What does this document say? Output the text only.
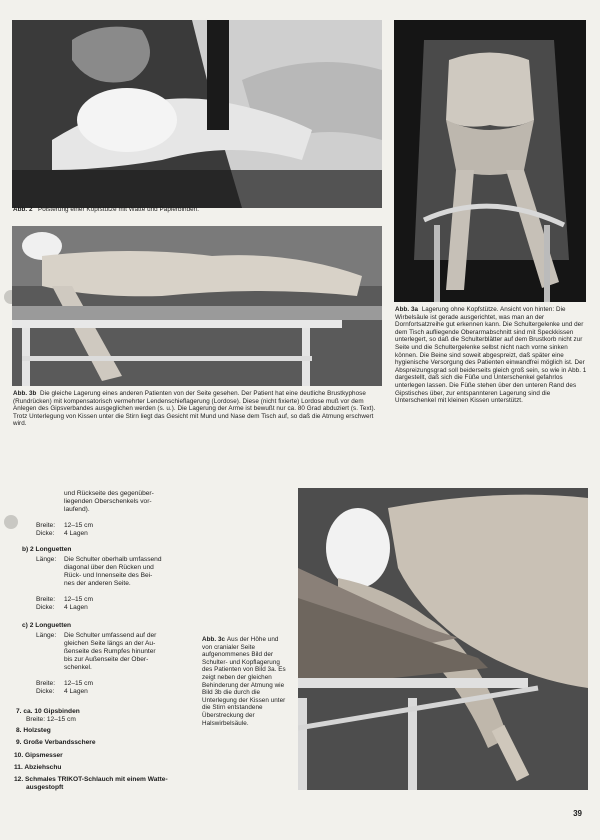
Abb. 2 Polsterung einer Kopfstütze mit Watte und Papierbinden.
Abb. 3b Die gleiche Lagerung eines anderen Patienten von der Seite gesehen. Der Patient hat eine deutliche Brustkyphose (Rundrücken) mit kompensatorisch vermehrter Lendenschieflagerung (Lordose). Diese (nicht fixierte) Lordose muß vor dem Anlegen des Gipsverbandes ausgeglichen werden (s. u.). Die Lagerung der Arme ist bewußt nur ca. 80 Grad abduziert (s. Text). Trotz Unterlegung von Kissen unter die Stirn liegt das Gesicht mit Mund und Nase dem Tisch auf, so daß die Atmung erschwert wird.
Abb. 3a Lagerung ohne Kopfstütze. Ansicht von hinten: Die Wirbelsäule ist gerade ausgerichtet, was man an der Dornfortsatzreihe gut erkennen kann. Die Schultergelenke und der dem Tisch aufliegende Oberarmabschnitt sind mit Speckkissen unterlegert, so daß die Schulterblätter auf dem Brustkorb nicht zur Seite und die Schultergelenke selbst nicht nach vorne sinken können. Die Beine sind soweit abgespreizt, daß später eine hygienische Versorgung des Patienten einwandfrei möglich ist. Der Abspreizungsgrad soll beiderseits gleich groß sein, so wie in Abb. 1 dargestellt, daß sich die Füße und Unterschenkel gefahrlos unterlegen lassen. Die Füße stehen über den unteren Rand des Gipstisches über, zur entspannteren Lagerung sind die Unterschenkel mit kleinen Kissen unterstützt.
Abb. 3c Aus der Höhe und von cranialer Seite aufgenommenes Bild der Schulter- und Kopflagerung des Patienten von Bild 3a. Es zeigt neben der gleichen Behinderung der Atmung wie Bild 3b die durch die Unterlegung der Kissen unter die Stirn entstandene Überstreckung der Halswirbelsäule.
und Rückseite des gegenüber-
liegenden Oberschenkels vor-
laufend).
Breite: 12–15 cm
Dicke: 4 Lagen
b) 2 Longuetten
Länge: Die Schulter oberhalb umfassend
diagonal über den Rücken und
Rück- und Innenseite des Bei-
nes der anderen Seite.
Breite: 12–15 cm
Dicke: 4 Lagen
c) 2 Longuetten
Länge: Die Schulter umfassend auf der
gleichen Seite längs an der Au-
ßenseite des Rumpfes hinunter
bis zur Außenseite der Ober-
schenkel.
Breite: 12–15 cm
Dicke: 4 Lagen
7. ca. 10 Gipsbinden
Breite: 12–15 cm
8. Holzsteg
9. Große Verbandsschere
10. Gipsmesser
11. Abziehschu
12. Schmales TRIKOT-Schlauch mit einem Watte-
ausgestopft
39
